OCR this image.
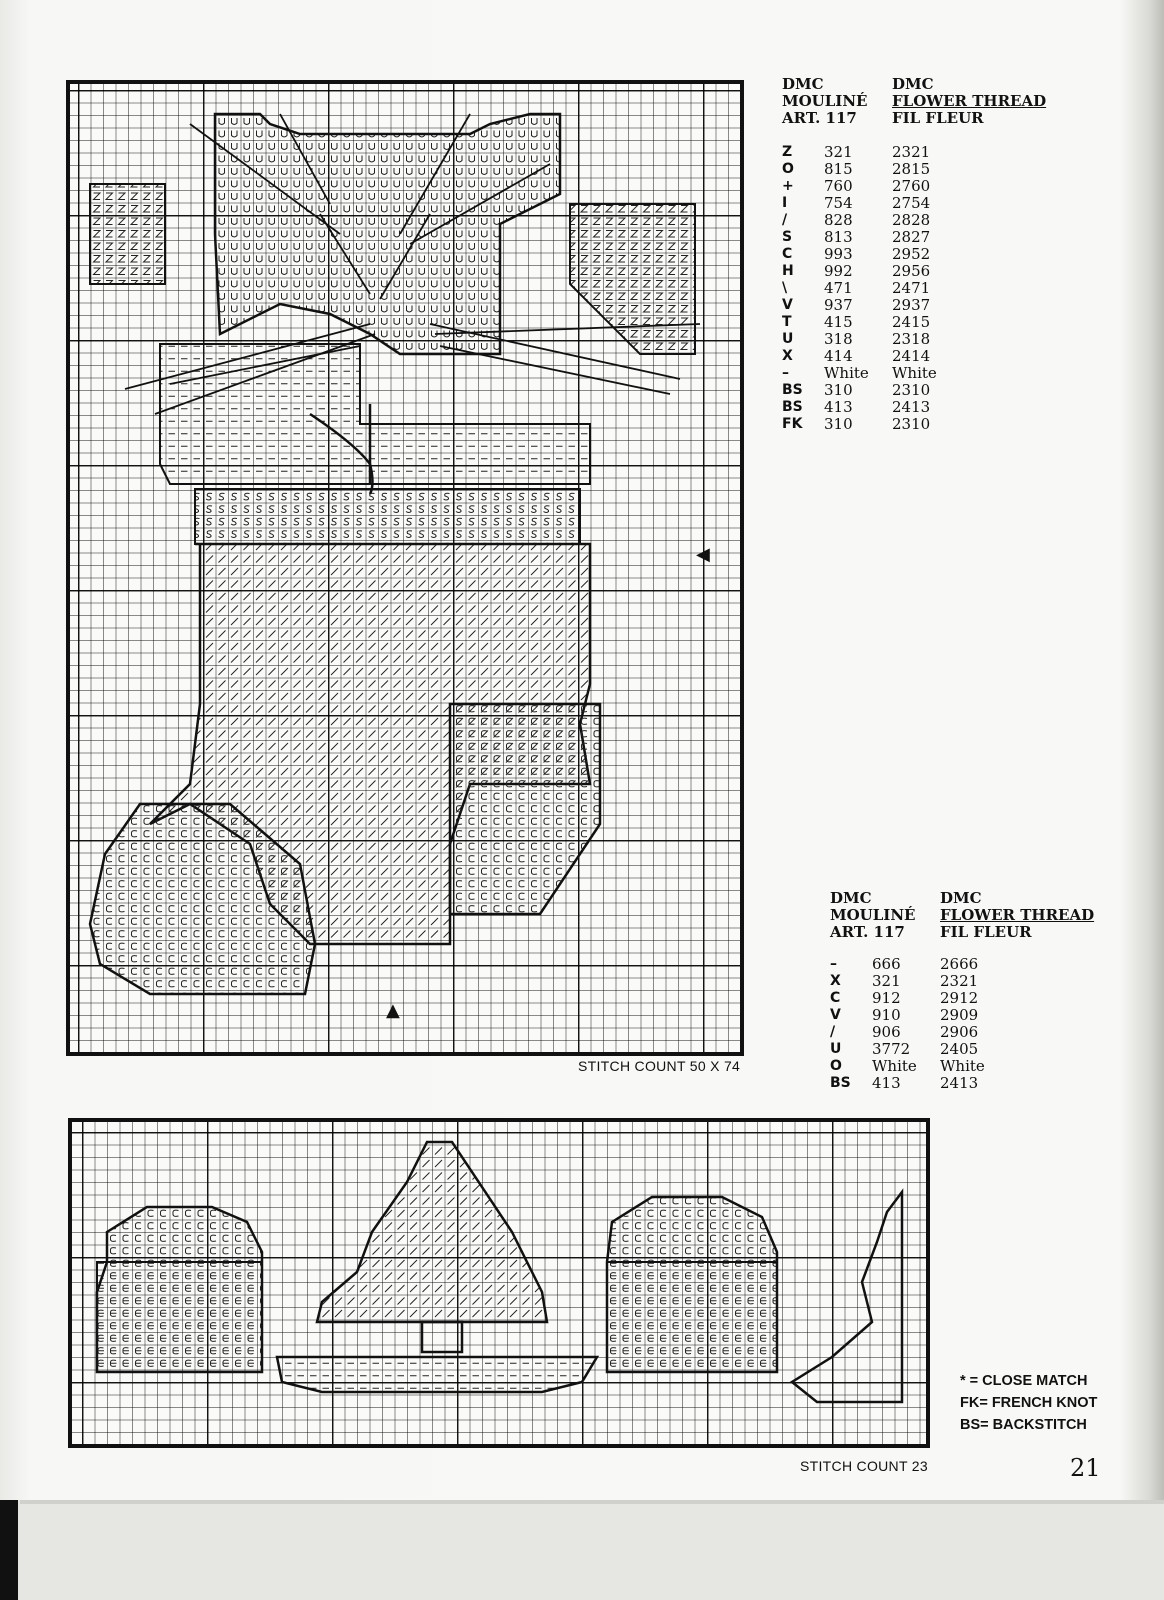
◀
▲
STITCH COUNT 50 X 74
DMC
MOULINÉ
ART. 117
DMC
FLOWER THREAD
FIL FLEUR
Z 321	2321
O 815	2815
+ 760	2760
I 754	2754
/ 828	2828
S 813	2827
C 993	2952
H 992	2956
\ 471	2471
V 937	2937
T 415	2415
U 318	2318
X 414	2414
– White White
BS 310	2310
BS 413	2413
FK 310	2310
DMC
MOULINÉ
ART. 117
DMC
FLOWER THREAD
FIL FLEUR
– 666	2666
X 321	2321
C 912	2912
V 910	2909
/ 906	2906
U 3772 2405
O White White
BS 413	2413
STITCH COUNT 23
* = CLOSE MATCH
FK= FRENCH KNOT
BS= BACKSTITCH
21
